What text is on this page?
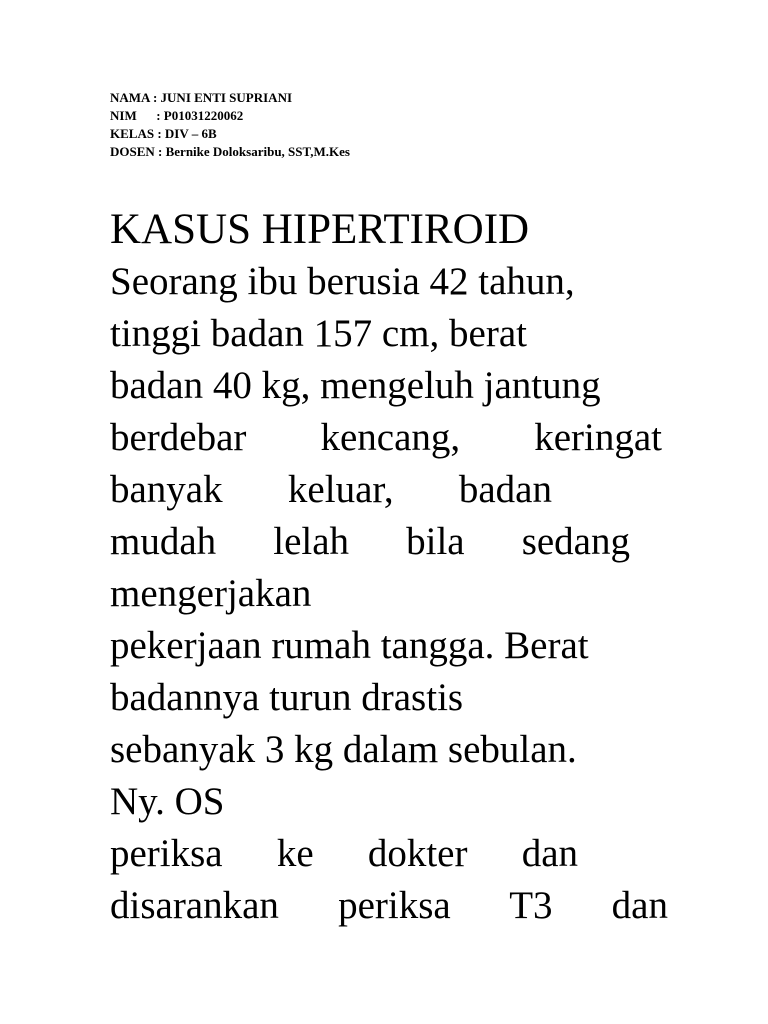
NAMA : JUNI ENTI SUPRIANI
NIM      : P01031220062
KELAS : DIV – 6B
DOSEN : Bernike Doloksaribu, SST,M.Kes
KASUS HIPERTIROID
Seorang ibu berusia 42 tahun,
tinggi badan 157 cm, berat
badan 40 kg, mengeluh jantung
berdebar kencang, keringat
banyak keluar, badan
mudah lelah bila sedang
mengerjakan
pekerjaan rumah tangga. Berat
badannya turun drastis
sebanyak 3 kg dalam sebulan.
Ny. OS
periksa ke dokter dan
disarankan periksa T3 dan
